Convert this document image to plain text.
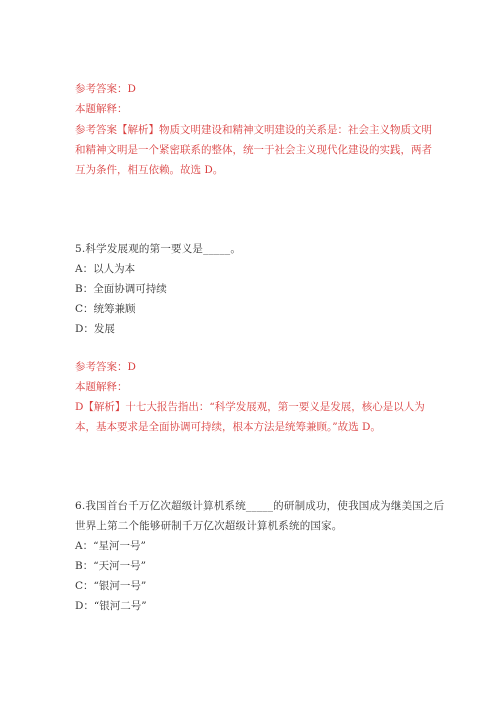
参考答案：D
本题解释：
参考答案【解析】物质文明建设和精神文明建设的关系是：社会主义物质文明
和精神文明是一个紧密联系的整体，统一于社会主义现代化建设的实践，两者
互为条件，相互依赖。故选 D。
5.科学发展观的第一要义是_____。
A：以人为本
B：全面协调可持续
C：统筹兼顾
D：发展
参考答案：D
本题解释：
D【解析】十七大报告指出：“科学发展观，第一要义是发展，核心是以人为
本，基本要求是全面协调可持续，根本方法是统筹兼顾。”故选 D。
6.我国首台千万亿次超级计算机系统_____的研制成功，使我国成为继美国之后
世界上第二个能够研制千万亿次超级计算机系统的国家。
A：“星河一号”
B：“天河一号”
C：“银河一号”
D：“银河二号”
